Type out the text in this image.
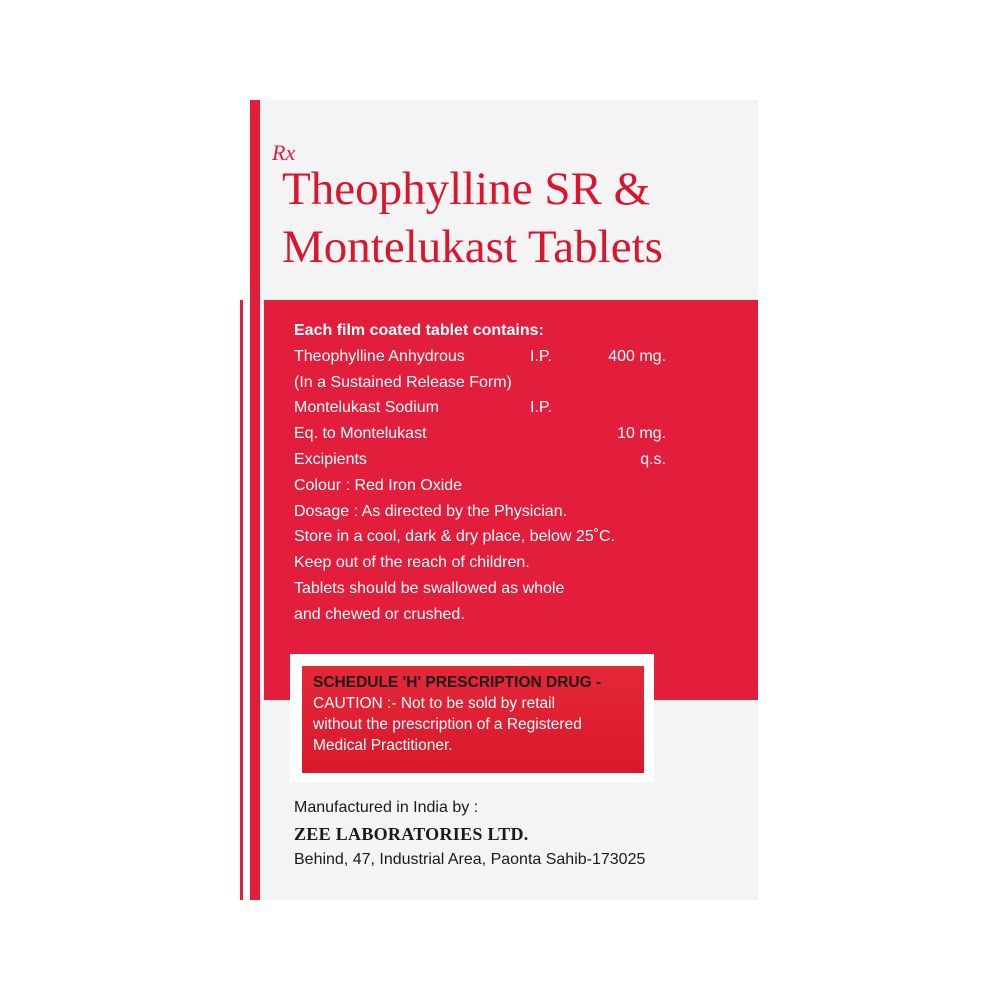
Rx
Theophylline SR &
Montelukast Tablets
Each film coated tablet contains:
Theophylline Anhydrous	I.P.	400 mg.
(In a Sustained Release Form)
Montelukast Sodium	I.P.
Eq. to Montelukast	10 mg.
Excipients	q.s.
Colour : Red Iron Oxide
Dosage : As directed by the Physician.
Store in a cool, dark & dry place, below 25˚C.
Keep out of the reach of children.
Tablets should be swallowed as whole
and chewed or crushed.
SCHEDULE 'H' PRESCRIPTION DRUG -
CAUTION :- Not to be sold by retail
without the prescription of a Registered
Medical Practitioner.
Manufactured in India by :
ZEE LABORATORIES LTD.
Behind, 47, Industrial Area, Paonta Sahib-173025
